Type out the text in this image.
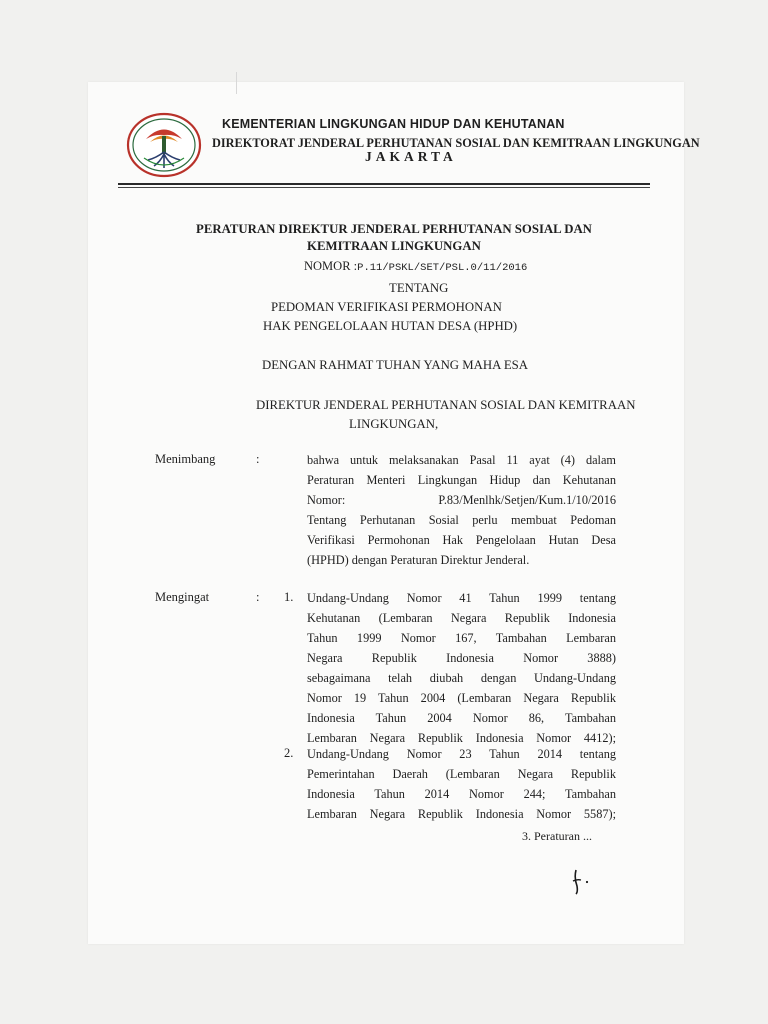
KEMENTERIAN LINGKUNGAN HIDUP DAN KEHUTANAN
DIREKTORAT JENDERAL PERHUTANAN SOSIAL DAN KEMITRAAN LINGKUNGAN
JAKARTA
PERATURAN DIREKTUR JENDERAL PERHUTANAN SOSIAL DAN
KEMITRAAN LINGKUNGAN
NOMOR :P.11/PSKL/SET/PSL.0/11/2016
TENTANG
PEDOMAN VERIFIKASI PERMOHONAN
HAK PENGELOLAAN HUTAN DESA (HPHD)
DENGAN RAHMAT TUHAN YANG MAHA ESA
DIREKTUR JENDERAL PERHUTANAN SOSIAL DAN KEMITRAAN
LINGKUNGAN,
Menimbang	:	bahwa untuk melaksanakan Pasal 11 ayat (4) dalam
Peraturan Menteri Lingkungan Hidup dan Kehutanan
Nomor:	P.83/Menlhk/Setjen/Kum.1/10/2016
Tentang Perhutanan Sosial perlu membuat Pedoman
Verifikasi Permohonan Hak Pengelolaan Hutan Desa
(HPHD) dengan Peraturan Direktur Jenderal.
Mengingat	: 1. Undang-Undang Nomor 41 Tahun 1999 tentang
Kehutanan (Lembaran Negara Republik Indonesia
Tahun 1999 Nomor 167, Tambahan Lembaran
Negara Republik Indonesia Nomor 3888)
sebagaimana telah diubah dengan Undang-Undang
Nomor 19 Tahun 2004 (Lembaran Negara Republik
Indonesia Tahun 2004 Nomor 86, Tambahan
Lembaran Negara Republik Indonesia Nomor 4412);
2. Undang-Undang Nomor 23 Tahun 2014 tentang
Pemerintahan Daerah (Lembaran Negara Republik
Indonesia Tahun 2014 Nomor 244; Tambahan
Lembaran Negara Republik Indonesia Nomor 5587);
3. Peraturan ...
